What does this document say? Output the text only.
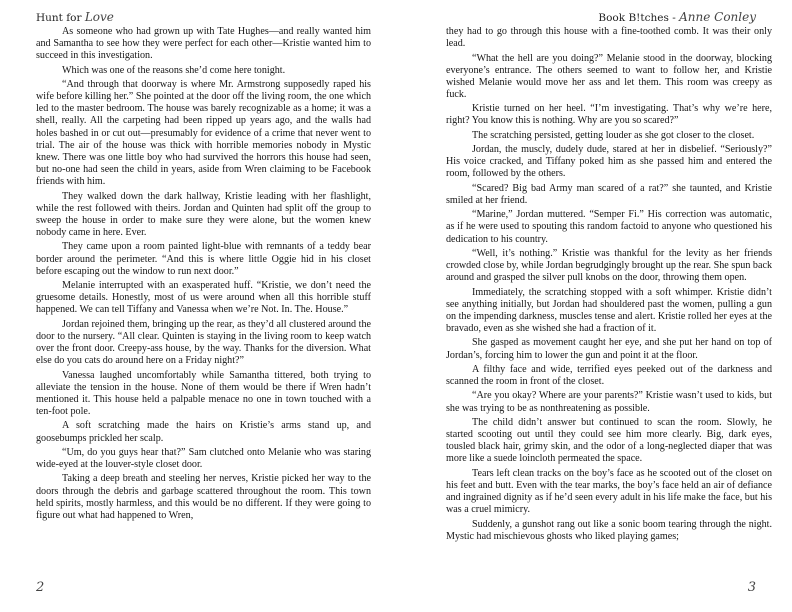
Hunt for Love

As someone who had grown up with Tate Hughes—and really wanted him and Samantha to see how they were perfect for each other—Kristie wanted him to succeed in this investigation.

Which was one of the reasons she’d come here tonight.

“And through that doorway is where Mr. Armstrong supposedly raped his wife before killing her.” She pointed at the door off the living room, the one which led to the master bedroom. The house was barely recognizable as a home; it was a shell, really. All the carpeting had been ripped up years ago, and the walls had holes bashed in or cut out—presumably for evidence of a crime that never went to trial. The air of the house was thick with horrible memories nobody in Mystic knew. There was one little boy who had survived the horrors this house had seen, but no-one had seen the child in years, aside from Wren claiming to be Facebook friends with him.

They walked down the dark hallway, Kristie leading with her flashlight, while the rest followed with theirs. Jordan and Quinten had split off the group to sweep the house in order to make sure they were alone, but the women knew nobody came in here. Ever.

They came upon a room painted light-blue with remnants of a teddy bear border around the perimeter. “And this is where little Oggie hid in his closet before escaping out the window to run next door.”

Melanie interrupted with an exasperated huff. “Kristie, we don’t need the gruesome details. Honestly, most of us were around when all this horrible stuff happened. We can tell Tiffany and Vanessa when we’re Not. In. The. House.”

Jordan rejoined them, bringing up the rear, as they’d all clustered around the door to the nursery. “All clear. Quinten is staying in the living room to keep watch over the front door. Creepy-ass house, by the way. Thanks for the diversion. What else do you cats do around here on a Friday night?”

Vanessa laughed uncomfortably while Samantha tittered, both trying to alleviate the tension in the house. None of them would be there if Wren hadn’t mentioned it. This house held a palpable menace no one in town touched with a ten-foot pole.

A soft scratching made the hairs on Kristie’s arms stand up, and goosebumps prickled her scalp.

“Um, do you guys hear that?” Sam clutched onto Melanie who was staring wide-eyed at the louver-style closet door.

Taking a deep breath and steeling her nerves, Kristie picked her way to the doors through the debris and garbage scattered throughout the room. This town held spirits, mostly harmless, and this would be no different. If they were going to figure out what had happened to Wren,

2
Book B!tches - Anne Conley

they had to go through this house with a fine-toothed comb. It was their only lead.

“What the hell are you doing?” Melanie stood in the doorway, blocking everyone’s entrance. The others seemed to want to follow her, and Kristie wished Melanie would move her ass and let them. This room was creepy as fuck.

Kristie turned on her heel. “I’m investigating. That’s why we’re here, right? You know this is nothing. Why are you so scared?”

The scratching persisted, getting louder as she got closer to the closet.

Jordan, the muscly, dudely dude, stared at her in disbelief. “Seriously?” His voice cracked, and Tiffany poked him as she passed him and entered the room, followed by the others.

“Scared? Big bad Army man scared of a rat?” she taunted, and Kristie smiled at her friend.

“Marine,” Jordan muttered. “Semper Fi.” His correction was automatic, as if he were used to spouting this random factoid to anyone who questioned his dedication to his country.

“Well, it’s nothing.” Kristie was thankful for the levity as her friends crowded close by, while Jordan begrudgingly brought up the rear. She spun back around and grasped the silver pull knobs on the door, throwing them open.

Immediately, the scratching stopped with a soft whimper. Kristie didn’t see anything initially, but Jordan had shouldered past the women, pulling a gun on the impending darkness, muscles tense and alert. Kristie rolled her eyes at the bravado, even as she wished she had a fraction of it.

She gasped as movement caught her eye, and she put her hand on top of Jordan’s, forcing him to lower the gun and point it at the floor.

A filthy face and wide, terrified eyes peeked out of the darkness and scanned the room in front of the closet.

“Are you okay? Where are your parents?” Kristie wasn’t used to kids, but she was trying to be as nonthreatening as possible.

The child didn’t answer but continued to scan the room. Slowly, he started scooting out until they could see him more clearly. Big, dark eyes, tousled black hair, grimy skin, and the odor of a long-neglected diaper that was more like a suede loincloth permeated the space.

Tears left clean tracks on the boy’s face as he scooted out of the closet on his feet and butt. Even with the tear marks, the boy’s face held an air of defiance and ingrained dignity as if he’d seen every adult in his life make the face, but his was a cruel mimicry.

Suddenly, a gunshot rang out like a sonic boom tearing through the night. Mystic had mischievous ghosts who liked playing games;

3
